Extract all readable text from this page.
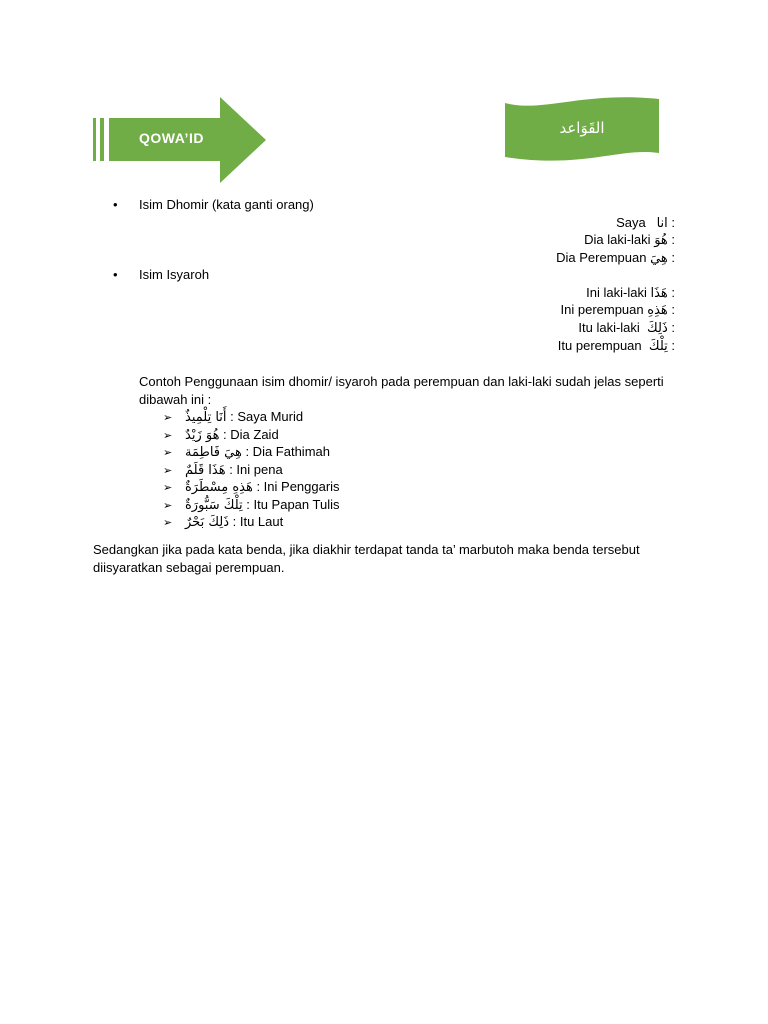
QOWA’ID
القَوَاعد
• Isim Dhomir (kata ganti orang)
Saya انا :
Dia laki-laki هُوَ :
Dia Perempuan هِيَ :
• Isim Isyaroh
Ini laki-laki هَذَا :
Ini perempuan هَذِهِ :
Itu laki-laki ذَلِكَ :
Itu perempuan تِلْكَ :
Contoh Penggunaan isim dhomir/ isyaroh pada perempuan dan laki-laki sudah jelas seperti dibawah ini :
➢ أَنَا تِلْمِيذٌ : Saya Murid
➢ هُوَ زَيْدٌ : Dia Zaid
➢ هِيَ فَاطِمَة : Dia Fathimah
➢ هَذَا قَلَمٌ : Ini pena
➢ هَذِهِ مِسْطَرَةٌ : Ini Penggaris
➢ تِلْكَ سَبُّورَةٌ : Itu Papan Tulis
➢ ذَلِكَ بَحْرٌ : Itu Laut
Sedangkan jika pada kata benda, jika diakhir terdapat tanda ta’ marbutoh maka benda tersebut diisyaratkan sebagai perempuan.
